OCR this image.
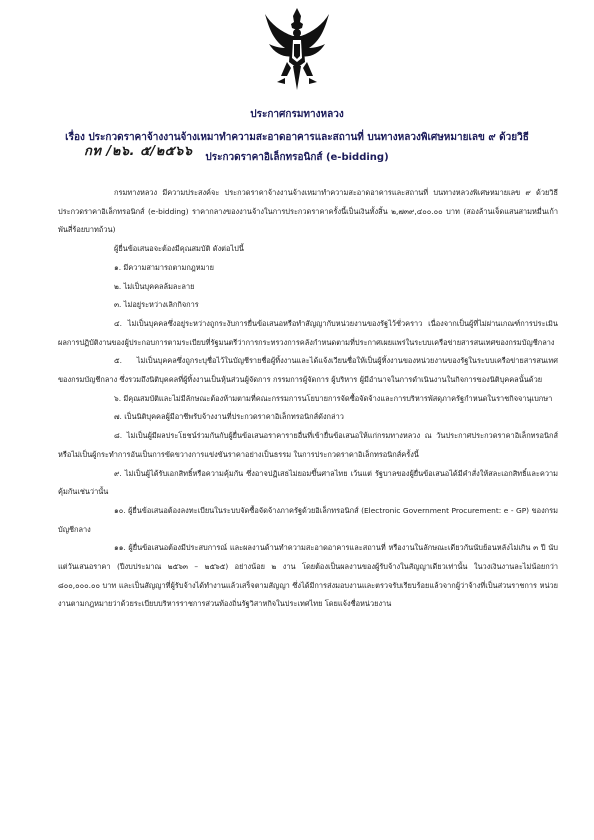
ประกาศกรมทางหลวง
เรื่อง ประกวดราคาจ้างงานจ้างเหมาทำความสะอาดอาคารและสถานที่ บนทางหลวงพิเศษหมายเลข ๙ ด้วยวิธี
ประกวดราคาอิเล็กทรอนิกส์ (e-bidding)
กท /๒๖. ๕/๒๕๖๖

กรมทางหลวง มีความประสงค์จะ ประกวดราคาจ้างงานจ้างเหมาทำความสะอาดอาคารและสถานที่ บนทางหลวงพิเศษหมายเลข ๙ ด้วยวิธีประกวดราคาอิเล็กทรอนิกส์ (e-bidding) ราคากลางของงานจ้างในการประกวดราคาครั้งนี้เป็นเงินทั้งสิ้น ๒,๗๓๙,๔๐๐.๐๐ บาท (สองล้านเจ็ดแสนสามหมื่นเก้าพันสี่ร้อยบาทถ้วน)

ผู้ยื่นข้อเสนอจะต้องมีคุณสมบัติ ดังต่อไปนี้

๑. มีความสามารถตามกฎหมาย

๒. ไม่เป็นบุคคลล้มละลาย

๓. ไม่อยู่ระหว่างเลิกกิจการ

๔. ไม่เป็นบุคคลซึ่งอยู่ระหว่างถูกระงับการยื่นข้อเสนอหรือทำสัญญากับหน่วยงานของรัฐไว้ชั่วคราว เนื่องจากเป็นผู้ที่ไม่ผ่านเกณฑ์การประเมินผลการปฏิบัติงานของผู้ประกอบการตามระเบียบที่รัฐมนตรีว่าการกระทรวงการคลังกำหนดตามที่ประกาศเผยแพร่ในระบบเครือข่ายสารสนเทศของกรมบัญชีกลาง

๕. ไม่เป็นบุคคลซึ่งถูกระบุชื่อไว้ในบัญชีรายชื่อผู้ทิ้งงานและได้แจ้งเวียนชื่อให้เป็นผู้ทิ้งงานของหน่วยงานของรัฐในระบบเครือข่ายสารสนเทศของกรมบัญชีกลาง ซึ่งรวมถึงนิติบุคคลที่ผู้ทิ้งงานเป็นหุ้นส่วนผู้จัดการ กรรมการผู้จัดการ ผู้บริหาร ผู้มีอำนาจในการดำเนินงานในกิจการของนิติบุคคลนั้นด้วย

๖. มีคุณสมบัติและไม่มีลักษณะต้องห้ามตามที่คณะกรรมการนโยบายการจัดซื้อจัดจ้างและการบริหารพัสดุภาครัฐกำหนดในราชกิจจานุเบกษา

๗. เป็นนิติบุคคลผู้มีอาชีพรับจ้างงานที่ประกวดราคาอิเล็กทรอนิกส์ดังกล่าว

๘. ไม่เป็นผู้มีผลประโยชน์ร่วมกันกับผู้ยื่นข้อเสนอราคารายอื่นที่เข้ายื่นข้อเสนอให้แก่กรมทางหลวง ณ วันประกาศประกวดราคาอิเล็กทรอนิกส์ หรือไม่เป็นผู้กระทำการอันเป็นการขัดขวางการแข่งขันราคาอย่างเป็นธรรม ในการประกวดราคาอิเล็กทรอนิกส์ครั้งนี้

๙. ไม่เป็นผู้ได้รับเอกสิทธิ์หรือความคุ้มกัน ซึ่งอาจปฏิเสธไม่ยอมขึ้นศาลไทย เว้นแต่ รัฐบาลของผู้ยื่นข้อเสนอได้มีคำสั่งให้สละเอกสิทธิ์และความคุ้มกันเช่นว่านั้น

๑๐. ผู้ยื่นข้อเสนอต้องลงทะเบียนในระบบจัดซื้อจัดจ้างภาครัฐด้วยอิเล็กทรอนิกส์ (Electronic Government Procurement: e - GP) ของกรมบัญชีกลาง

๑๑. ผู้ยื่นข้อเสนอต้องมีประสบการณ์ และผลงานด้านทำความสะอาดอาคารและสถานที่ หรืองานในลักษณะเดียวกันนับย้อนหลังไม่เกิน ๓ ปี นับแต่วันเสนอราคา (ปีงบประมาณ ๒๕๖๓ – ๒๕๖๕) อย่างน้อย ๒ งาน โดยต้องเป็นผลงานของผู้รับจ้างในสัญญาเดียวเท่านั้น ในวงเงินงานละไม่น้อยกว่า ๘๐๐,๐๐๐.๐๐ บาท และเป็นสัญญาที่ผู้รับจ้างได้ทำงานแล้วเสร็จตามสัญญา ซึ่งได้มีการส่งมอบงานและตรวจรับเรียบร้อยแล้วจากผู้ว่าจ้างที่เป็นส่วนราชการ หน่วยงานตามกฎหมายว่าด้วยระเบียบบริหารราชการส่วนท้องถิ่นรัฐวิสาหกิจในประเทศไทย โดยแจ้งชื่อหน่วยงาน
